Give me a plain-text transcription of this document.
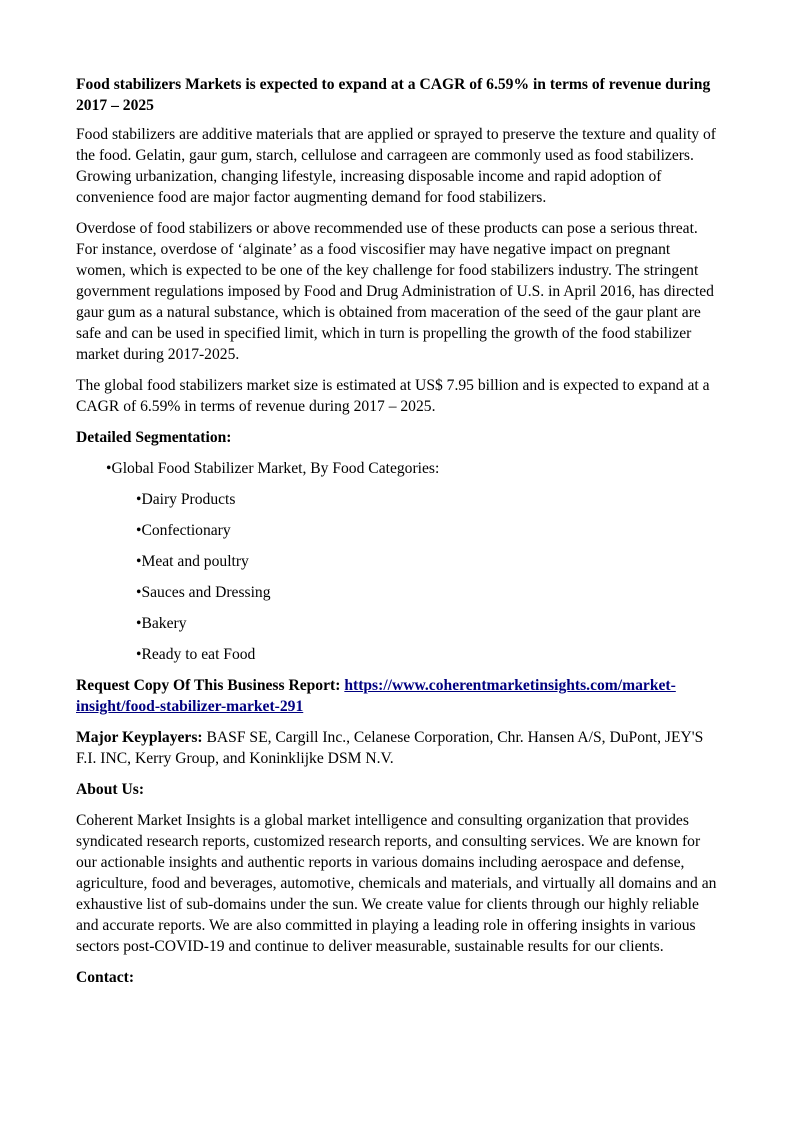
Food stabilizers Markets is expected to expand at a CAGR of 6.59% in terms of revenue during 2017 – 2025

Food stabilizers are additive materials that are applied or sprayed to preserve the texture and quality of the food. Gelatin, gaur gum, starch, cellulose and carrageen are commonly used as food stabilizers. Growing urbanization, changing lifestyle, increasing disposable income and rapid adoption of convenience food are major factor augmenting demand for food stabilizers.

Overdose of food stabilizers or above recommended use of these products can pose a serious threat. For instance, overdose of ‘alginate’ as a food viscosifier may have negative impact on pregnant women, which is expected to be one of the key challenge for food stabilizers industry. The stringent government regulations imposed by Food and Drug Administration of U.S. in April 2016, has directed gaur gum as a natural substance, which is obtained from maceration of the seed of the gaur plant are safe and can be used in specified limit, which in turn is propelling the growth of the food stabilizer market during 2017-2025.

The global food stabilizers market size is estimated at US$ 7.95 billion and is expected to expand at a CAGR of 6.59% in terms of revenue during 2017 – 2025.

Detailed Segmentation:

•Global Food Stabilizer Market, By Food Categories:

•Dairy Products

•Confectionary

•Meat and poultry

•Sauces and Dressing

•Bakery

•Ready to eat Food

Request Copy Of This Business Report: https://www.coherentmarketinsights.com/market-insight/food-stabilizer-market-291

Major Keyplayers: BASF SE, Cargill Inc., Celanese Corporation, Chr. Hansen A/S, DuPont, JEY'S F.I. INC, Kerry Group, and Koninklijke DSM N.V.

About Us:

Coherent Market Insights is a global market intelligence and consulting organization that provides syndicated research reports, customized research reports, and consulting services. We are known for our actionable insights and authentic reports in various domains including aerospace and defense, agriculture, food and beverages, automotive, chemicals and materials, and virtually all domains and an exhaustive list of sub-domains under the sun. We create value for clients through our highly reliable and accurate reports. We are also committed in playing a leading role in offering insights in various sectors post-COVID-19 and continue to deliver measurable, sustainable results for our clients.

Contact:
